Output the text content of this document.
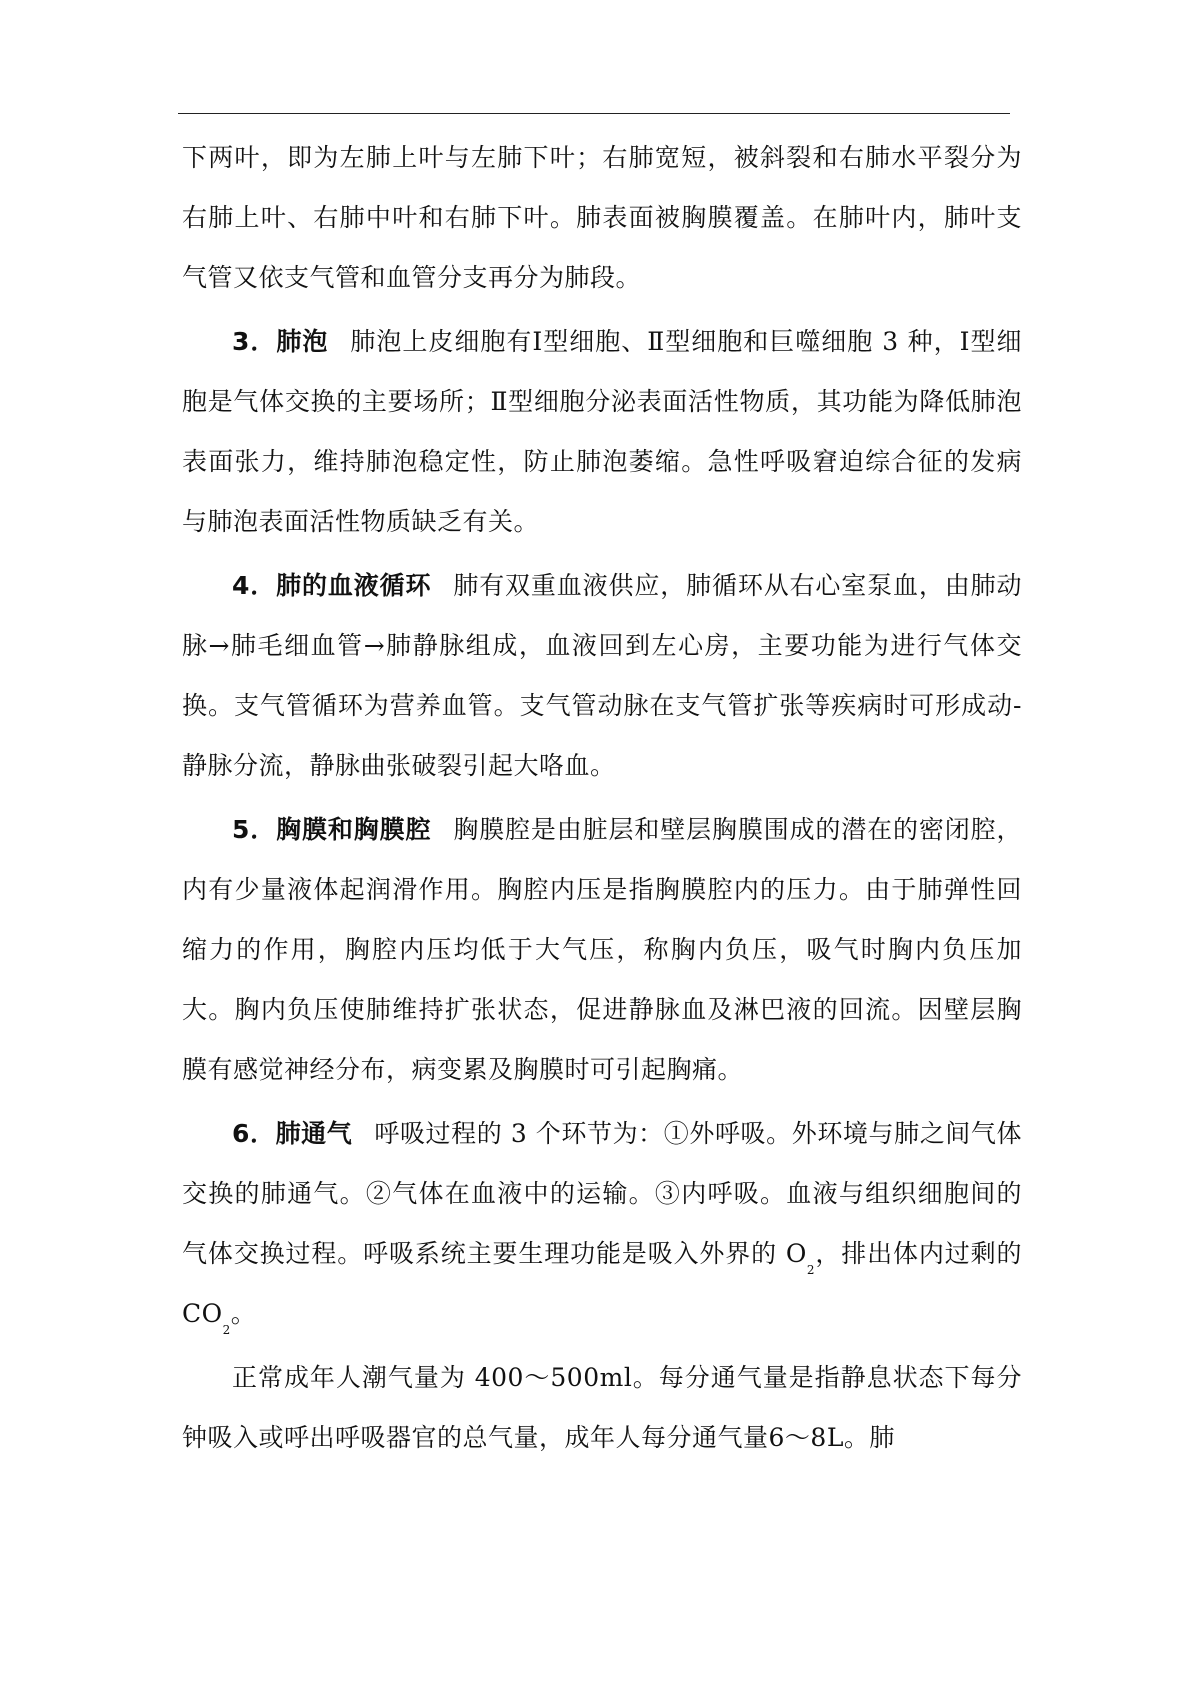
下两叶，即为左肺上叶与左肺下叶；右肺宽短，被斜裂和右肺水平裂分为右肺上叶、右肺中叶和右肺下叶。肺表面被胸膜覆盖。在肺叶内，肺叶支气管又依支气管和血管分支再分为肺段。

3．肺泡 肺泡上皮细胞有Ⅰ型细胞、Ⅱ型细胞和巨噬细胞 3 种，Ⅰ型细胞是气体交换的主要场所；Ⅱ型细胞分泌表面活性物质，其功能为降低肺泡表面张力，维持肺泡稳定性，防止肺泡萎缩。急性呼吸窘迫综合征的发病与肺泡表面活性物质缺乏有关。

4．肺的血液循环 肺有双重血液供应，肺循环从右心室泵血，由肺动脉→肺毛细血管→肺静脉组成，血液回到左心房，主要功能为进行气体交换。支气管循环为营养血管。支气管动脉在支气管扩张等疾病时可形成动-静脉分流，静脉曲张破裂引起大咯血。

5．胸膜和胸膜腔 胸膜腔是由脏层和壁层胸膜围成的潜在的密闭腔，内有少量液体起润滑作用。胸腔内压是指胸膜腔内的压力。由于肺弹性回缩力的作用，胸腔内压均低于大气压，称胸内负压，吸气时胸内负压加大。胸内负压使肺维持扩张状态，促进静脉血及淋巴液的回流。因壁层胸膜有感觉神经分布，病变累及胸膜时可引起胸痛。

6．肺通气 呼吸过程的 3 个环节为：①外呼吸。外环境与肺之间气体交换的肺通气。②气体在血液中的运输。③内呼吸。血液与组织细胞间的气体交换过程。呼吸系统主要生理功能是吸入外界的 $O_2$，排出体内过剩的 $CO_2$。

正常成年人潮气量为 400～500ml。每分通气量是指静息状态下每分钟吸入或呼出呼吸器官的总气量，成年人每分通气量6～8L。肺
